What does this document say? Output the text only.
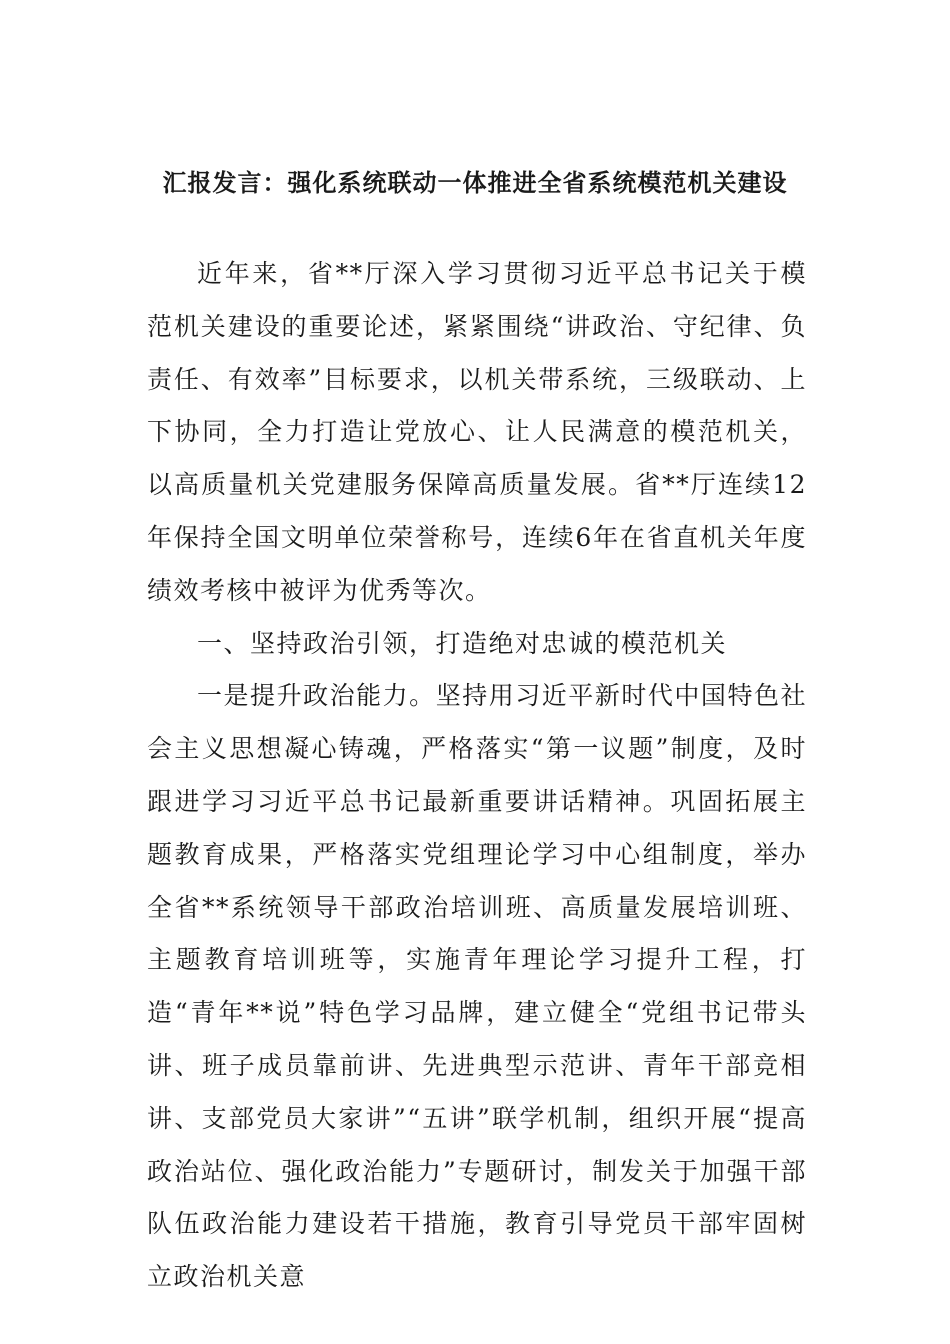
汇报发言：强化系统联动一体推进全省系统模范机关建设

近年来，省**厅深入学习贯彻习近平总书记关于模范机关建设的重要论述，紧紧围绕“讲政治、守纪律、负责任、有效率”目标要求，以机关带系统，三级联动、上下协同，全力打造让党放心、让人民满意的模范机关，以高质量机关党建服务保障高质量发展。省**厅连续12年保持全国文明单位荣誉称号，连续6年在省直机关年度绩效考核中被评为优秀等次。

一、坚持政治引领，打造绝对忠诚的模范机关

一是提升政治能力。坚持用习近平新时代中国特色社会主义思想凝心铸魂，严格落实“第一议题”制度，及时跟进学习习近平总书记最新重要讲话精神。巩固拓展主题教育成果，严格落实党组理论学习中心组制度，举办全省**系统领导干部政治培训班、高质量发展培训班、主题教育培训班等，实施青年理论学习提升工程，打造“青年**说”特色学习品牌，建立健全“党组书记带头讲、班子成员靠前讲、先进典型示范讲、青年干部竞相讲、支部党员大家讲”“五讲”联学机制，组织开展“提高政治站位、强化政治能力”专题研讨，制发关于加强干部队伍政治能力建设若干措施，教育引导党员干部牢固树立政治机关意
